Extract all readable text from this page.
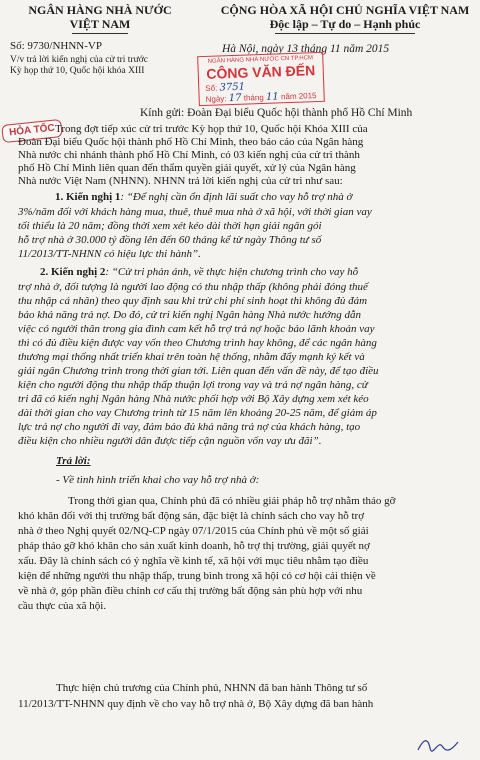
NGÂN HÀNG NHÀ NƯỚC
VIỆT NAM
CỘNG HÒA XÃ HỘI CHỦ NGHĨA VIỆT NAM
Độc lập – Tự do – Hạnh phúc
Số: 9730/NHNN-VP
V/v trả lời kiến nghị của cử tri trước
Kỳ họp thứ 10, Quốc hội khóa XIII
Hà Nội, ngày 13 tháng 11 năm 2015
NGÂN HÀNG NHÀ NƯỚC CN TP.HCM
CÔNG VĂN ĐẾN
Số: 3751
Ngày: 17 tháng 11 năm 2015
HỎA TỐC
Kính gửi: Đoàn Đại biểu Quốc hội thành phố Hồ Chí Minh
Trong đợt tiếp xúc cử tri trước Kỳ họp thứ 10, Quốc hội Khóa XIII của
Đoàn Đại biểu Quốc hội thành phố Hồ Chí Minh, theo báo cáo của Ngân hàng
Nhà nước chi nhánh thành phố Hồ Chí Minh, có 03 kiến nghị của cử tri thành
phố Hồ Chí Minh liên quan đến thẩm quyền giải quyết, xử lý của Ngân hàng
Nhà nước Việt Nam (NHNN). NHNN trả lời kiến nghị của cử tri như sau:
1. Kiến nghị 1: “Để nghị cần ổn định lãi suất cho vay hỗ trợ nhà ở
3%/năm đối với khách hàng mua, thuê, thuê mua nhà ở xã hội, với thời gian vay
tối thiểu là 20 năm; đồng thời xem xét kéo dài thời hạn giải ngân gói
hỗ trợ nhà ở 30.000 tỷ đồng lên đến 60 tháng kể từ ngày Thông tư số
11/2013/TT-NHNN có hiệu lực thi hành”.
2. Kiến nghị 2: “Cử tri phản ánh, về thực hiện chương trình cho vay hỗ
trợ nhà ở, đối tượng là người lao động có thu nhập thấp (không phải đóng thuế
thu nhập cá nhân) theo quy định sau khi trừ chi phí sinh hoạt thì không đủ đảm
bảo khả năng trả nợ. Do đó, cử tri kiến nghị Ngân hàng Nhà nước hướng dẫn
việc có người thân trong gia đình cam kết hỗ trợ trả nợ hoặc bảo lãnh khoản vay
thì có đủ điều kiện được vay vốn theo Chương trình hay không, để các ngân hàng
thương mại thống nhất triển khai trên toàn hệ thống, nhằm đẩy mạnh ký kết và
giải ngân Chương trình trong thời gian tới. Liên quan đến vấn đề này, để tạo điều
kiện cho người động thu nhập thấp thuận lợi trong vay và trả nợ ngân hàng, cử
tri đã có kiến nghị Ngân hàng Nhà nước phối hợp với Bộ Xây dựng xem xét kéo
dài thời gian cho vay Chương trình từ 15 năm lên khoảng 20-25 năm, để giảm áp
lực trả nợ cho người đi vay, đảm bảo đủ khả năng trả nợ của khách hàng, tạo
điều kiện cho nhiều người dân được tiếp cận nguồn vốn vay ưu đãi”.
Trả lời:
- Về tình hình triển khai cho vay hỗ trợ nhà ở:
Trong thời gian qua, Chính phủ đã có nhiều giải pháp hỗ trợ nhằm tháo gỡ
khó khăn đối với thị trường bất động sản, đặc biệt là chính sách cho vay hỗ trợ
nhà ở theo Nghị quyết 02/NQ-CP ngày 07/1/2015 của Chính phủ về một số giải
pháp tháo gỡ khó khăn cho sản xuất kinh doanh, hỗ trợ thị trường, giải quyết nợ
xấu. Đây là chính sách có ý nghĩa về kinh tế, xã hội với mục tiêu nhằm tạo điều
kiện để những người thu nhập thấp, trung bình trong xã hội có cơ hội cải thiện về
về nhà ở, góp phần điều chỉnh cơ cấu thị trường bất động sản phù hợp với nhu
cầu thực của xã hội.
Thực hiện chủ trương của Chính phủ, NHNN đã ban hành Thông tư số
11/2013/TT-NHNN quy định về cho vay hỗ trợ nhà ở, Bộ Xây dựng đã ban hành
